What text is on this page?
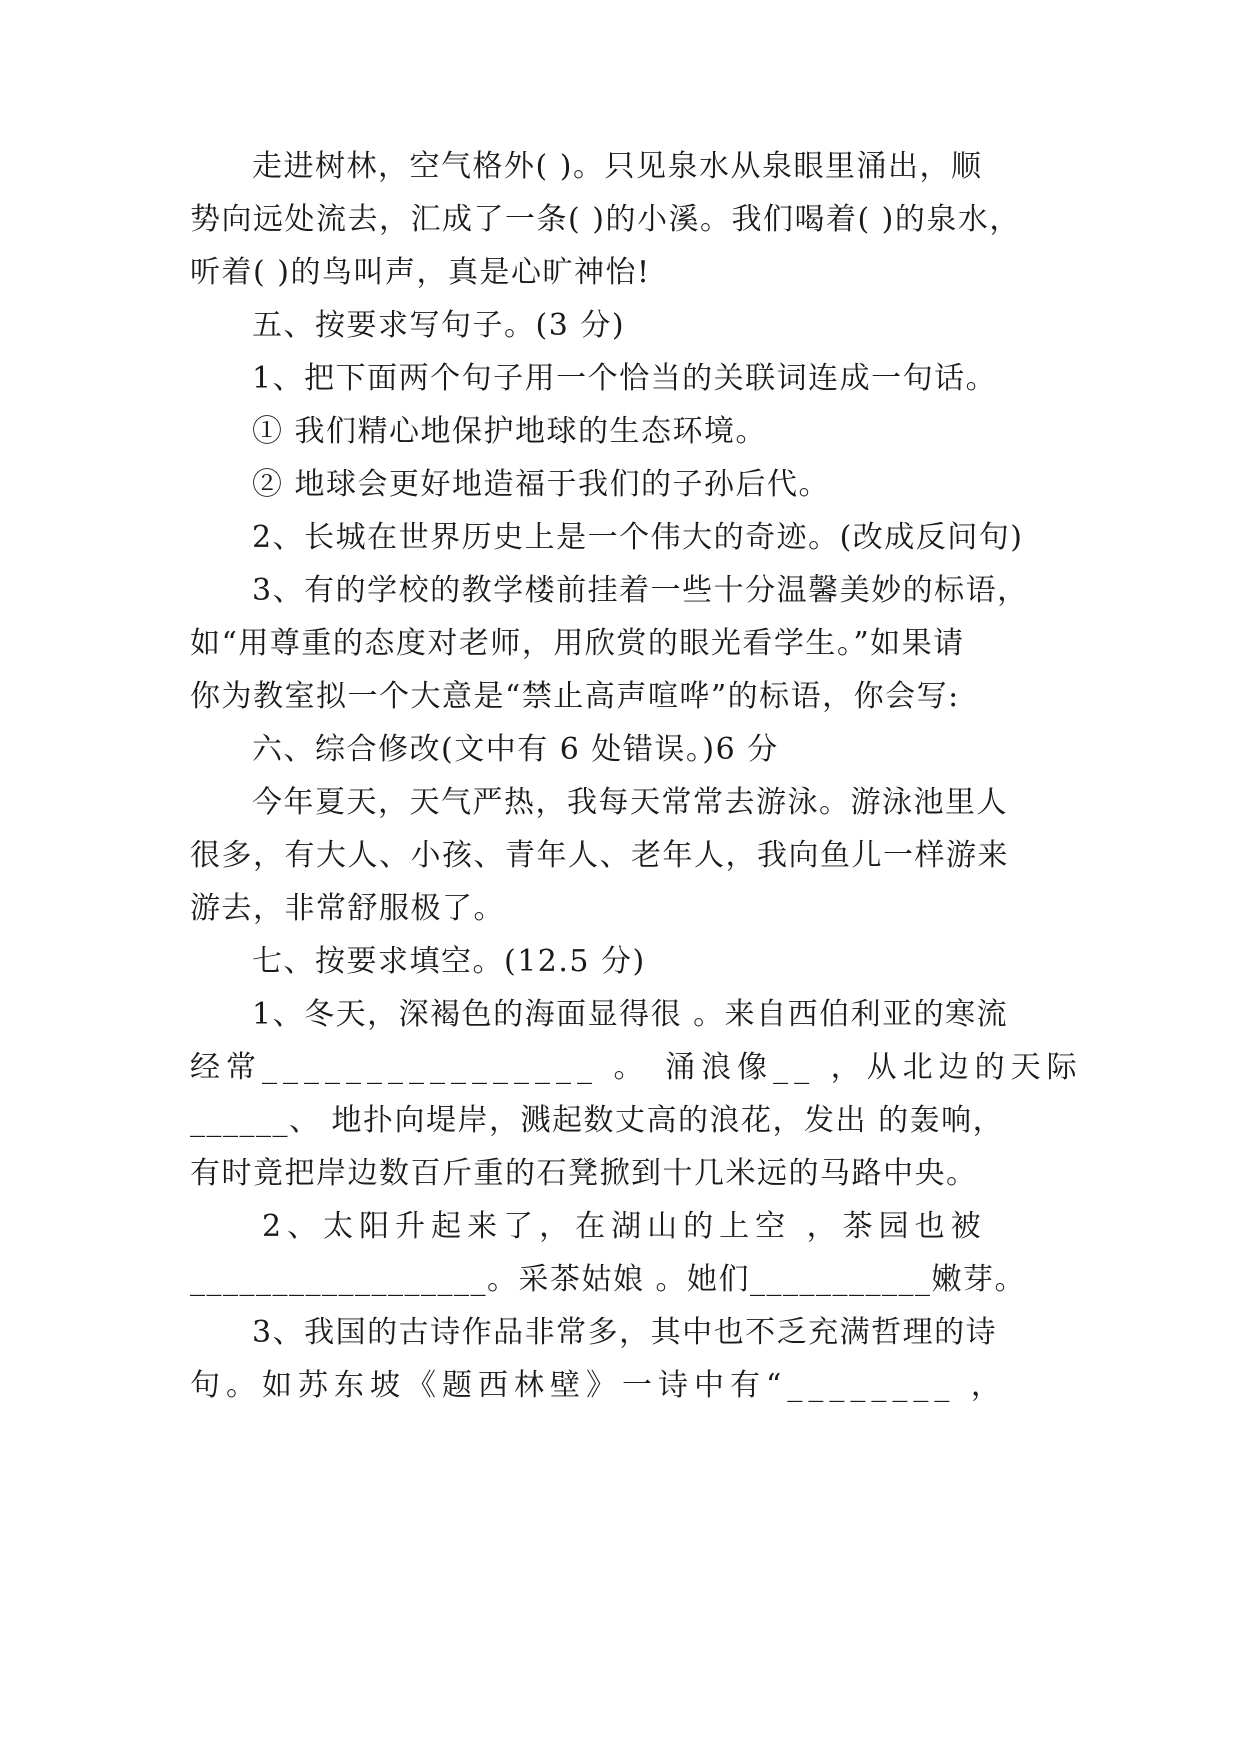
走进树林，空气格外( )。只见泉水从泉眼里涌出，顺
势向远处流去，汇成了一条( )的小溪。我们喝着( )的泉水，
听着( )的鸟叫声，真是心旷神怡!
五、按要求写句子。(3 分)
1、把下面两个句子用一个恰当的关联词连成一句话。
① 我们精心地保护地球的生态环境。
② 地球会更好地造福于我们的子孙后代。
2、长城在世界历史上是一个伟大的奇迹。(改成反问句)
3、有的学校的教学楼前挂着一些十分温馨美妙的标语，
如“用尊重的态度对老师，用欣赏的眼光看学生。”如果请
你为教室拟一个大意是“禁止高声喧哗”的标语，你会写:
六、综合修改(文中有 6 处错误。)6 分
今年夏天，天气严热，我每天常常去游泳。游泳池里人
很多，有大人、小孩、青年人、老年人，我向鱼儿一样游来
游去，非常舒服极了。
七、按要求填空。(12.5 分)
1、冬天，深褐色的海面显得很 。来自西伯利亚的寒流
经常________________ 。 涌浪像__ ，从北边的天际
______、 地扑向堤岸，溅起数丈高的浪花，发出 的轰响，
有时竟把岸边数百斤重的石凳掀到十几米远的马路中央。
2、太阳升起来了，在湖山的上空 ，茶园也被
__________________。采茶姑娘 。她们___________嫩芽。
3、我国的古诗作品非常多，其中也不乏充满哲理的诗
句。如苏东坡《题西林壁》一诗中有“________ ，
